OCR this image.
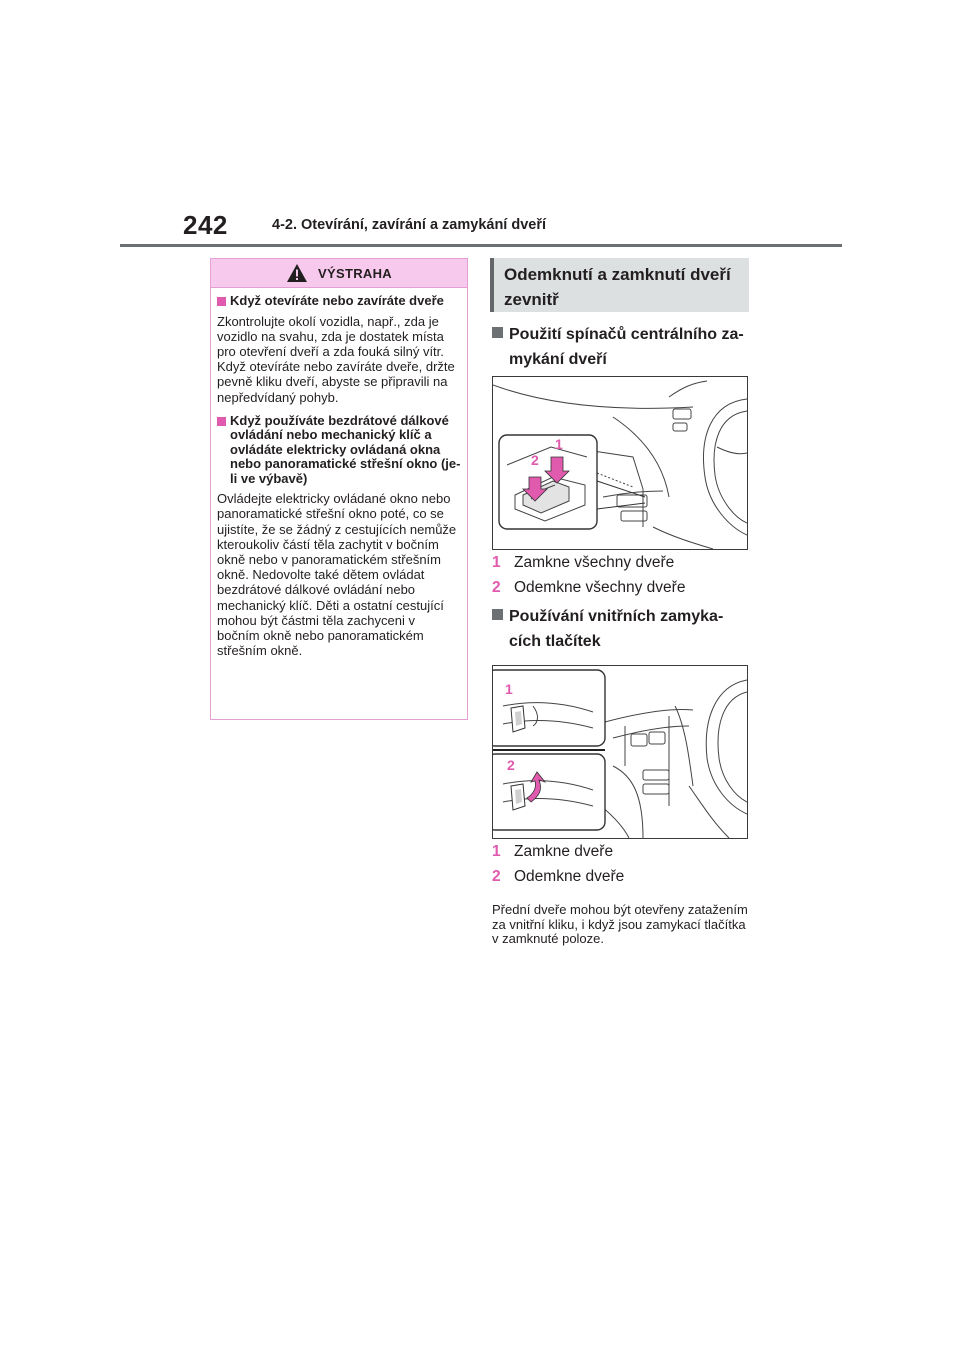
242	4-2. Otevírání, zavírání a zamykání dveří
VÝSTRAHA
Když otevíráte nebo zavíráte dveře
Zkontrolujte okolí vozidla, např., zda je vozidlo na svahu, zda je dostatek místa pro otevření dveří a zda fouká silný vítr. Když otevíráte nebo zavíráte dveře, držte pevně kliku dveří, abyste se připravili na nepředvídaný pohyb.
Když používáte bezdrátové dálkové ovládání nebo mechanický klíč a ovládáte elektricky ovládaná okna nebo panoramatické střešní okno (je-li ve výbavě)
Ovládejte elektricky ovládané okno nebo panoramatické střešní okno poté, co se ujistíte, že se žádný z cestujících nemůže kteroukoliv částí těla zachytit v bočním okně nebo v panoramatickém střešním okně. Nedovolte také dětem ovládat bezdrátové dálkové ovládání nebo mechanický klíč. Děti a ostatní cestující mohou být částmi těla zachyceni v bočním okně nebo panoramatickém střešním okně.
Odemknutí a zamknutí dveří
zevnitř
Použití spínačů centrálního za-
mykání dveří
2
1
1 Zamkne všechny dveře
2 Odemkne všechny dveře
Používání vnitřních zamyka-
cích tlačítek
1
2
1 Zamkne dveře
2 Odemkne dveře
Přední dveře mohou být otevřeny zatažením za vnitřní kliku, i když jsou zamykací tlačítka v zamknuté poloze.
